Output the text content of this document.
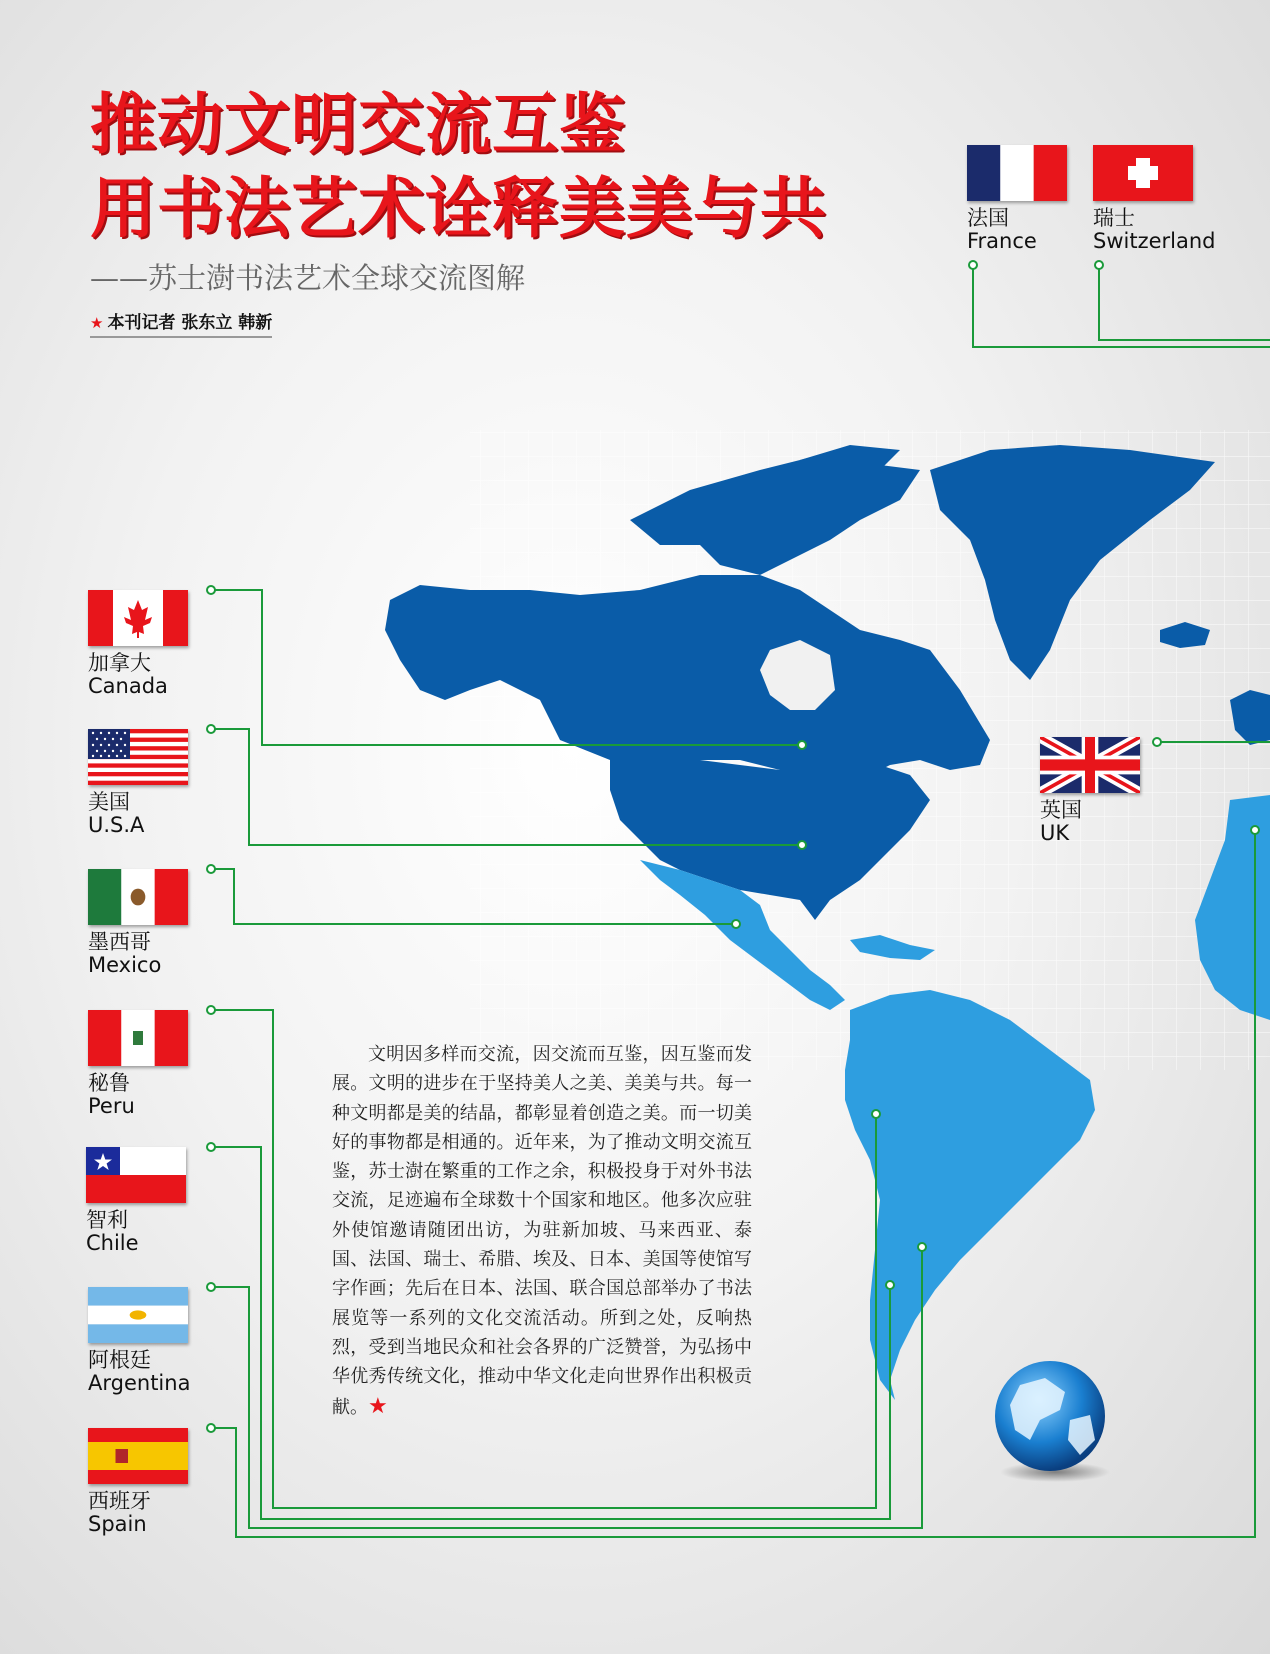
推动文明交流互鉴
用书法艺术诠释美美与共
——苏士澍书法艺术全球交流图解
★ 本刊记者 张东立 韩新
法国
France
瑞士
Switzerland
英国
UK
加拿大
Canada
美国
U.S.A
墨西哥
Mexico
秘鲁
Peru
智利
Chile
阿根廷
Argentina
西班牙
Spain
文明因多样而交流，因交流而互鉴，因互鉴而发展。文明的进步在于坚持美人之美、美美与共。每一种文明都是美的结晶，都彰显着创造之美。而一切美好的事物都是相通的。近年来，为了推动文明交流互鉴，苏士澍在繁重的工作之余，积极投身于对外书法交流，足迹遍布全球数十个国家和地区。他多次应驻外使馆邀请随团出访，为驻新加坡、马来西亚、泰国、法国、瑞士、希腊、埃及、日本、美国等使馆写字作画；先后在日本、法国、联合国总部举办了书法展览等一系列的文化交流活动。所到之处，反响热烈，受到当地民众和社会各界的广泛赞誉，为弘扬中华优秀传统文化，推动中华文化走向世界作出积极贡献。★
